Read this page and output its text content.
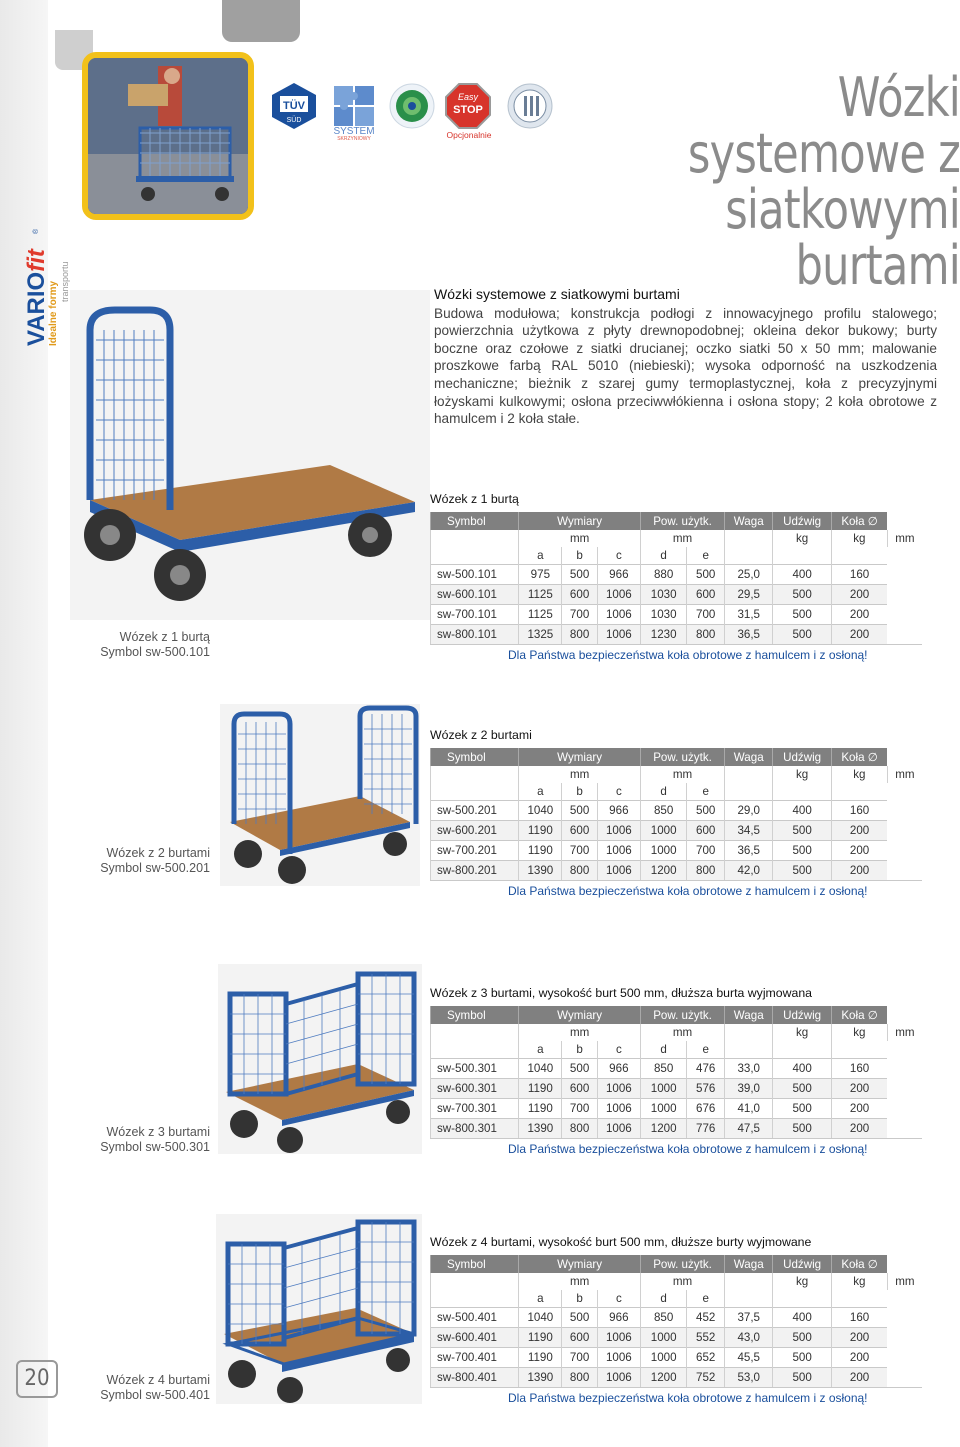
VARIOfit
®
Idealne formy transportu
TÜV
SÜD
SYSTEM
SKRZYNIOWY
Easy
STOP
Opcjonalnie
Wózki systemowe z
siatkowymi burtami
Wózki systemowe z siatkowymi burtami
Budowa modułowa; konstrukcja podłogi z innowacyjnego profilu stalowego; powierzchnia użytkowa z płyty drewnopodobnej; okleina dekor bukowy; burty boczne oraz czołowe z siatki drucianej; oczko siatki 50 x 50 mm; malowanie proszkowe farbą RAL 5010 (niebieski); wysoka odporność na uszkodzenia mechaniczne; bieżnik z szarej gumy termoplastycznej, koła z precyzyjnymi łożyskami kulkowymi; osłona przeciwwłókienna i osłona stopy; 2 koła obrotowe z hamulcem i 2 koła stałe.
Wózek z 1 burtą
Symbol sw-500.101
Wózek z 2 burtami
Symbol sw-500.201
Wózek z 3 burtami
Symbol sw-500.301
Wózek z 4 burtami
Symbol sw-500.401
Wózek z 1 burtą
Symbol	Wymiary			Pow. użytk.		Waga	Udźwig	Koła ∅	
	mm			mm			kg	kg	mm
	a	b	c	d	e				
sw-500.101	975	500	966	880	500	25,0	400	160	
sw-600.101	1125	600	1006	1030	600	29,5	500	200	
sw-700.101	1125	700	1006	1030	700	31,5	500	200	
sw-800.101	1325	800	1006	1230	800	36,5	500	200	
Dla Państwa bezpieczeństwa koła obrotowe z hamulcem i z osłoną!
Wózek z 2 burtami
Symbol	Wymiary			Pow. użytk.		Waga	Udźwig	Koła ∅	
	mm			mm			kg	kg	mm
	a	b	c	d	e				
sw-500.201	1040	500	966	850	500	29,0	400	160	
sw-600.201	1190	600	1006	1000	600	34,5	500	200	
sw-700.201	1190	700	1006	1000	700	36,5	500	200	
sw-800.201	1390	800	1006	1200	800	42,0	500	200	
Dla Państwa bezpieczeństwa koła obrotowe z hamulcem i z osłoną!
Wózek z 3 burtami, wysokość burt 500 mm, dłuższa burta wyjmowana
Symbol	Wymiary			Pow. użytk.		Waga	Udźwig	Koła ∅	
	mm			mm			kg	kg	mm
	a	b	c	d	e				
sw-500.301	1040	500	966	850	476	33,0	400	160	
sw-600.301	1190	600	1006	1000	576	39,0	500	200	
sw-700.301	1190	700	1006	1000	676	41,0	500	200	
sw-800.301	1390	800	1006	1200	776	47,5	500	200	
Dla Państwa bezpieczeństwa koła obrotowe z hamulcem i z osłoną!
Wózek z 4 burtami, wysokość burt 500 mm, dłuższe burty wyjmowane
Symbol	Wymiary			Pow. użytk.		Waga	Udźwig	Koła ∅	
	mm			mm			kg	kg	mm
	a	b	c	d	e				
sw-500.401	1040	500	966	850	452	37,5	400	160	
sw-600.401	1190	600	1006	1000	552	43,0	500	200	
sw-700.401	1190	700	1006	1000	652	45,5	500	200	
sw-800.401	1390	800	1006	1200	752	53,0	500	200	
Dla Państwa bezpieczeństwa koła obrotowe z hamulcem i z osłoną!
20
